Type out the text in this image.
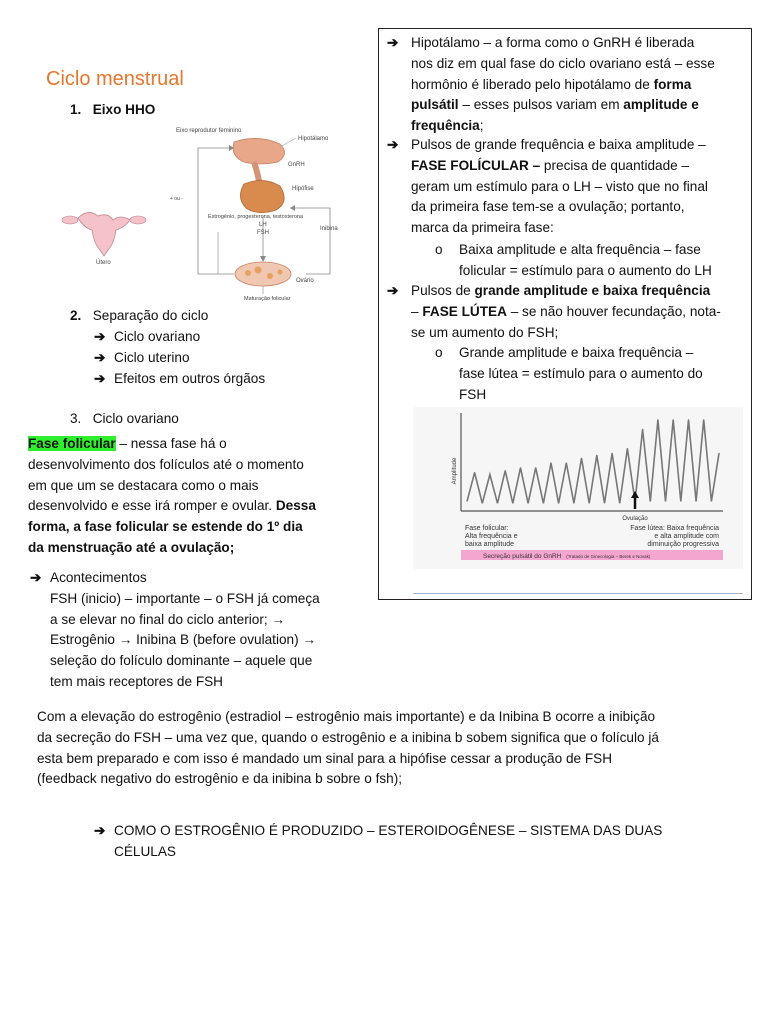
Ciclo menstrual
1. Eixo HHO
Eixo reprodutor feminino
Hipotálamo
GnRH
Hipófise
+ ou -
Inibina
LH
FSH
Estrogênio, progesterona, testosterona
Ovário
Maturação folicular
Útero
2. Separação do ciclo
➔ Ciclo ovariano
➔ Ciclo uterino
➔ Efeitos em outros órgãos
3. Ciclo ovariano
Fase folicular – nessa fase há o
desenvolvimento dos folículos até o momento
em que um se destacara como o mais
desenvolvido e esse irá romper e ovular. Dessa
forma, a fase folicular se estende do 1º dia
da menstruação até a ovulação;
➔ Acontecimentos
FSH (inicio) – importante – o FSH já começa
a se elevar no final do ciclo anterior; →
Estrogênio → Inibina B (before ovulation) →
seleção do folículo dominante – aquele que
tem mais receptores de FSH
Com a elevação do estrogênio (estradiol – estrogênio mais importante) e da Inibina B ocorre a inibição
da secreção do FSH – uma vez que, quando o estrogênio e a inibina b sobem significa que o folículo já
esta bem preparado e com isso é mandado um sinal para a hipófise cessar a produção de FSH
(feedback negativo do estrogênio e da inibina b sobre o fsh);
➔ COMO O ESTROGÊNIO É PRODUZIDO – ESTEROIDOGÊNESE – SISTEMA DAS DUAS
CÉLULAS
➔ Hipotálamo – a forma como o GnRH é liberada
nos diz em qual fase do ciclo ovariano está – esse
hormônio é liberado pelo hipotálamo de forma
pulsátil – esses pulsos variam em amplitude e
frequência;
➔ Pulsos de grande frequência e baixa amplitude –
FASE FOLÍCULAR – precisa de quantidade –
geram um estímulo para o LH – visto que no final
da primeira fase tem-se a ovulação; portanto,
marca da primeira fase:
o Baixa amplitude e alta frequência – fase
folicular = estímulo para o aumento do LH
➔ Pulsos de grande amplitude e baixa frequência
– FASE LÚTEA – se não houver fecundação, nota-
se um aumento do FSH;
o Grande amplitude e baixa frequência –
fase lútea = estímulo para o aumento do
FSH
Amplitude
Ovulação
Fase folicular:
Alta frequência e
baixa amplitude
Fase lútea: Baixa frequência
e alta amplitude com
diminuição progressiva
Secreção pulsátil do GnRH (Tratado de Ginecologia – Berek e Novak)
